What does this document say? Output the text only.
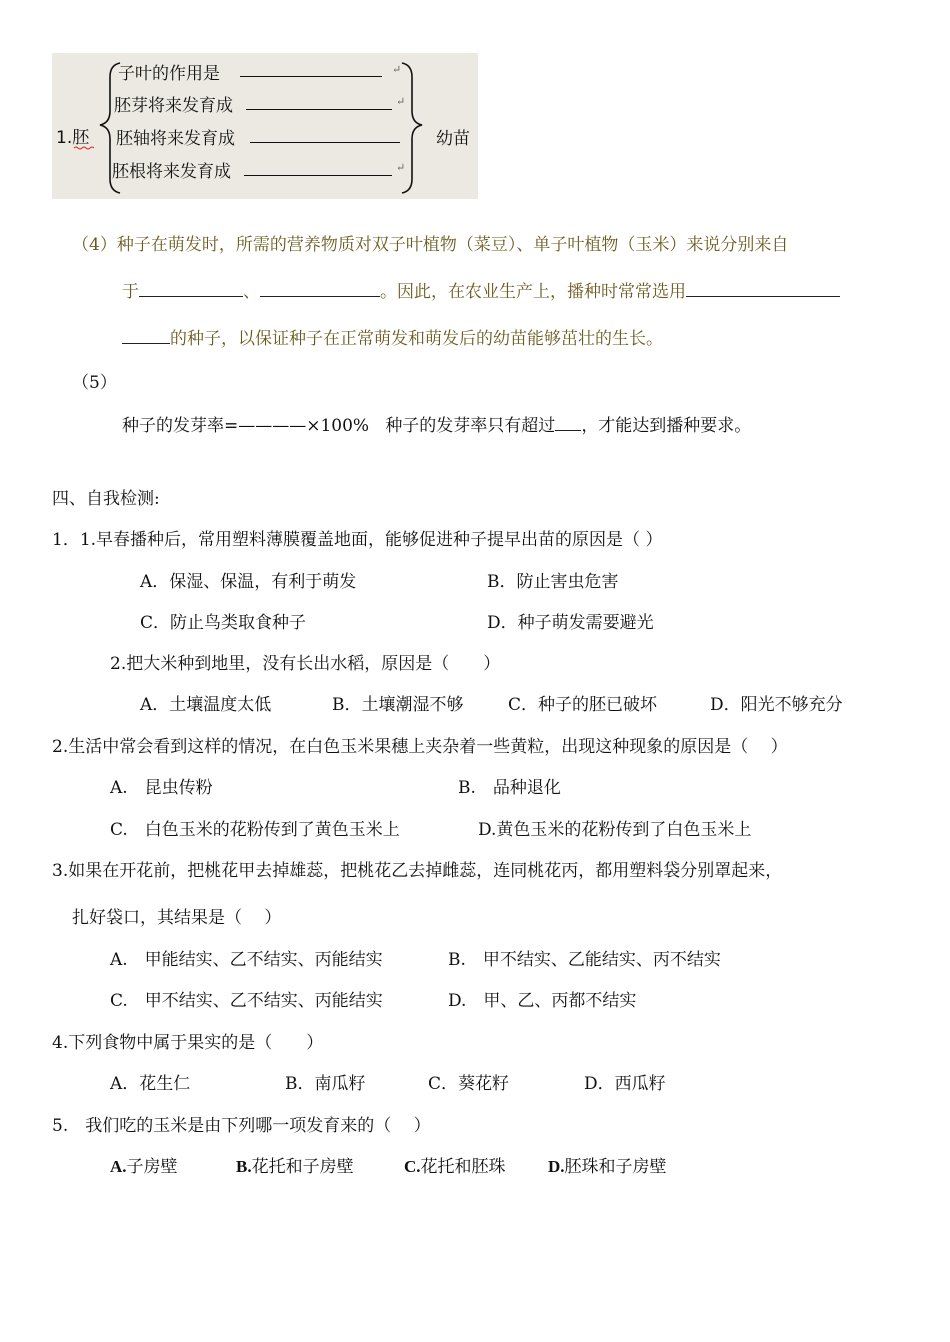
1.胚
子叶的作用是	↵
胚芽将来发育成	↵
胚轴将来发育成
胚根将来发育成	↵
幼苗
（4）种子在萌发时，所需的营养物质对双子叶植物（菜豆）、单子叶植物（玉米）来说分别来自
于	、	。因此，在农业生产上，播种时常常选用
的种子，以保证种子在正常萌发和萌发后的幼苗能够茁壮的生长。
（5）
种子的发芽率=————×100% 种子的发芽率只有超过 ，才能达到播种要求。
四、自我检测:
1．1.早春播种后，常用塑料薄膜覆盖地面，能够促进种子提早出苗的原因是（ ）
A．保湿、保温，有利于萌发	B．防止害虫危害
C．防止鸟类取食种子	D．种子萌发需要避光
2.把大米种到地里，没有长出水稻，原因是（　　）
A．土壤温度太低	B．土壤潮湿不够	C．种子的胚已破坏	D．阳光不够充分
2.生活中常会看到这样的情况，在白色玉米果穗上夹杂着一些黄粒，出现这种现象的原因是（　 ）
A.　昆虫传粉	B.　品种退化
C.　白色玉米的花粉传到了黄色玉米上	D.黄色玉米的花粉传到了白色玉米上
3.如果在开花前，把桃花甲去掉雄蕊，把桃花乙去掉雌蕊，连同桃花丙，都用塑料袋分别罩起来，
扎好袋口，其结果是（　 ）
A.　甲能结实、乙不结实、丙能结实	B.　甲不结实、乙能结实、丙不结实
C.　甲不结实、乙不结实、丙能结实	D.　甲、乙、丙都不结实
4.下列食物中属于果实的是（　　）
A．花生仁	B．南瓜籽	C．葵花籽	D．西瓜籽
5.　我们吃的玉米是由下列哪一项发育来的（　 ）
A.子房壁	B.花托和子房壁	C.花托和胚珠 D.胚珠和子房壁
